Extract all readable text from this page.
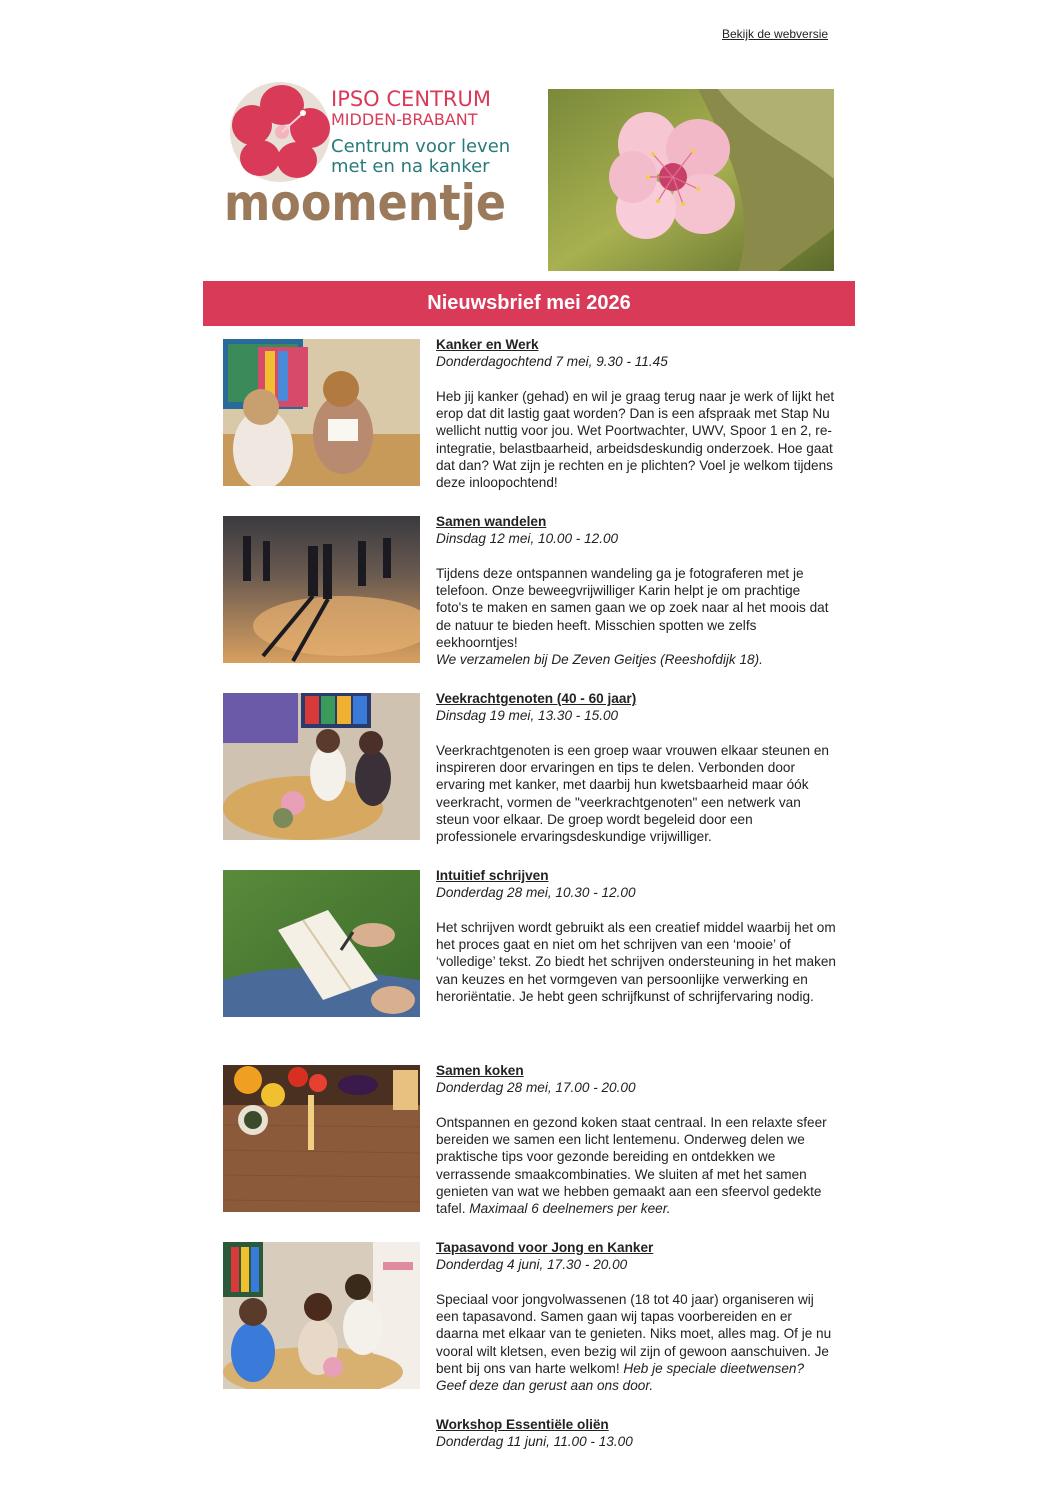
Bekijk de webversie
IPSO CENTRUM
MIDDEN-BRABANT
Centrum voor leven
met en na kanker
moomentje
Nieuwsbrief mei 2026
Kanker en Werk
Donderdagochtend 7 mei, 9.30 - 11.45
Heb jij kanker (gehad) en wil je graag terug naar je werk of lijkt het erop dat dit lastig gaat worden? Dan is een afspraak met Stap Nu wellicht nuttig voor jou. Wet Poortwachter, UWV, Spoor 1 en 2, re-integratie, belastbaarheid, arbeidsdeskundig onderzoek. Hoe gaat dat dan? Wat zijn je rechten en je plichten? Voel je welkom tijdens deze inloopochtend!
Samen wandelen
Dinsdag 12 mei, 10.00 - 12.00
Tijdens deze ontspannen wandeling ga je fotograferen met je telefoon. Onze beweegvrijwilliger Karin helpt je om prachtige foto's te maken en samen gaan we op zoek naar al het moois dat de natuur te bieden heeft. Misschien spotten we zelfs eekhoorntjes!
We verzamelen bij De Zeven Geitjes (Reeshofdijk 18).
Veekrachtgenoten (40 - 60 jaar)
Dinsdag 19 mei, 13.30 - 15.00
Veerkrachtgenoten is een groep waar vrouwen elkaar steunen en inspireren door ervaringen en tips te delen. Verbonden door ervaring met kanker, met daarbij hun kwetsbaarheid maar óók veerkracht, vormen de "veerkrachtgenoten" een netwerk van steun voor elkaar. De groep wordt begeleid door een professionele ervaringsdeskundige vrijwilliger.
Intuitief schrijven
Donderdag 28 mei, 10.30 - 12.00
Het schrijven wordt gebruikt als een creatief middel waarbij het om het proces gaat en niet om het schrijven van een ‘mooie’ of ‘volledige’ tekst. Zo biedt het schrijven ondersteuning in het maken van keuzes en het vormgeven van persoonlijke verwerking en heroriëntatie. Je hebt geen schrijfkunst of schrijfervaring nodig.
Samen koken
Donderdag 28 mei, 17.00 - 20.00
Ontspannen en gezond koken staat centraal. In een relaxte sfeer bereiden we samen een licht lentemenu. Onderweg delen we praktische tips voor gezonde bereiding en ontdekken we verrassende smaakcombinaties. We sluiten af met het samen genieten van wat we hebben gemaakt aan een sfeervol gedekte tafel. Maximaal 6 deelnemers per keer.
Tapasavond voor Jong en Kanker
Donderdag 4 juni, 17.30 - 20.00
Speciaal voor jongvolwassenen (18 tot 40 jaar) organiseren wij een tapasavond. Samen gaan wij tapas voorbereiden en er daarna met elkaar van te genieten. Niks moet, alles mag. Of je nu vooral wilt kletsen, even bezig wil zijn of gewoon aanschuiven. Je bent bij ons van harte welkom! Heb je speciale dieetwensen? Geef deze dan gerust aan ons door.
Workshop Essentiële oliën
Donderdag 11 juni, 11.00 - 13.00
